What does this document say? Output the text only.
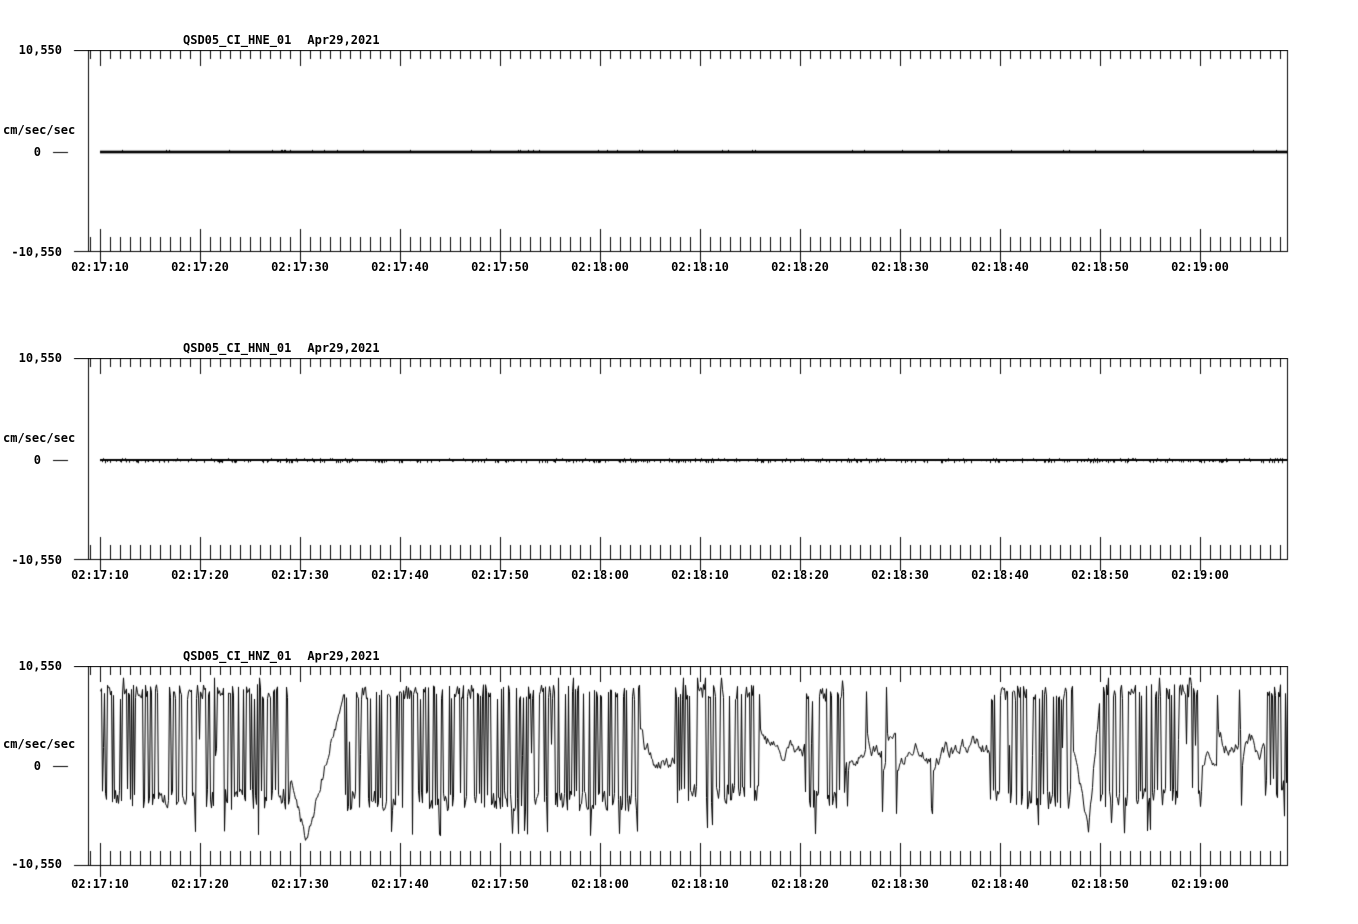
QSD05_CI_HNE_01 Apr29,2021
02:17:10	02:17:20	02:17:30	02:17:40	02:17:50	02:18:00	02:18:10	02:18:20	02:18:30	02:18:40	02:18:50	02:19:00
QSD05_CI_HNN_01 Apr29,2021
02:17:10	02:17:20	02:17:30	02:17:40	02:17:50	02:18:00	02:18:10	02:18:20	02:18:30	02:18:40	02:18:50	02:19:00
QSD05_CI_HNZ_01 Apr29,2021
02:17:10	02:17:20	02:17:30	02:17:40	02:17:50	02:18:00	02:18:10	02:18:20	02:18:30	02:18:40	02:18:50	02:19:00
